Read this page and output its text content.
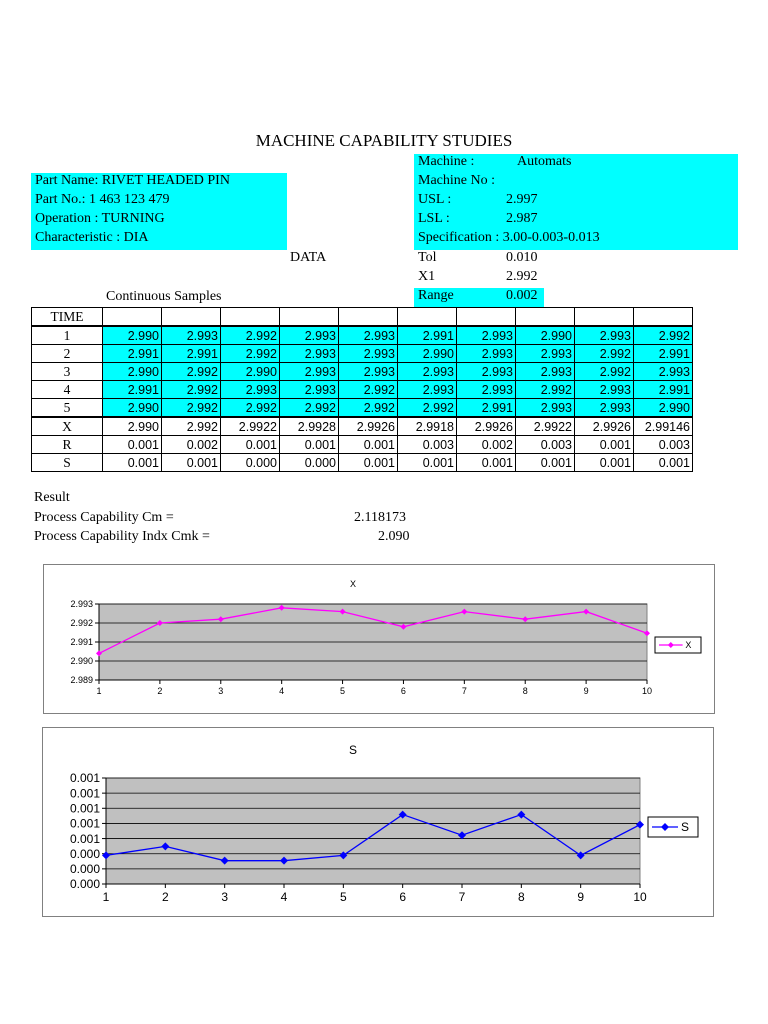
MACHINE CAPABILITY STUDIES
Part Name: RIVET HEADED PIN
Part No.: 1 463 123 479
Operation : TURNING
Characteristic : DIA
Machine :	Automats
Machine No :
USL :	2.997
LSL :	2.987
Specification : 3.00-0.003-0.013
DATA	Tol	0.010
X1	2.992
Continuous Samples	Range	0.002
TIME										
1	2.990	2.993	2.992	2.993	2.993	2.991	2.993	2.990	2.993	2.992
2	2.991	2.991	2.992	2.993	2.993	2.990	2.993	2.993	2.992	2.991
3	2.990	2.992	2.990	2.993	2.993	2.993	2.993	2.993	2.992	2.993
4	2.991	2.992	2.993	2.993	2.992	2.993	2.993	2.992	2.993	2.991
5	2.990	2.992	2.992	2.992	2.992	2.992	2.991	2.993	2.993	2.990
X	2.990	2.992	2.9922	2.9928	2.9926	2.9918	2.9926	2.9922	2.9926	2.99146
R	0.001	0.002	0.001	0.001	0.001	0.003	0.002	0.003	0.001	0.003
S	0.001	0.001	0.000	0.000	0.001	0.001	0.001	0.001	0.001	0.001
Result
Process Capability Cm =	2.118173
Process Capability Indx Cmk =	2.090
X
2.989
2.990
2.991
2.992
2.993
1	2	3	4	5	6	7	8	9	10
X
S
0.000
0.000
0.000
0.001
0.001
0.001
0.001
0.001
1	2	3	4	5	6	7	8	9	10
S
